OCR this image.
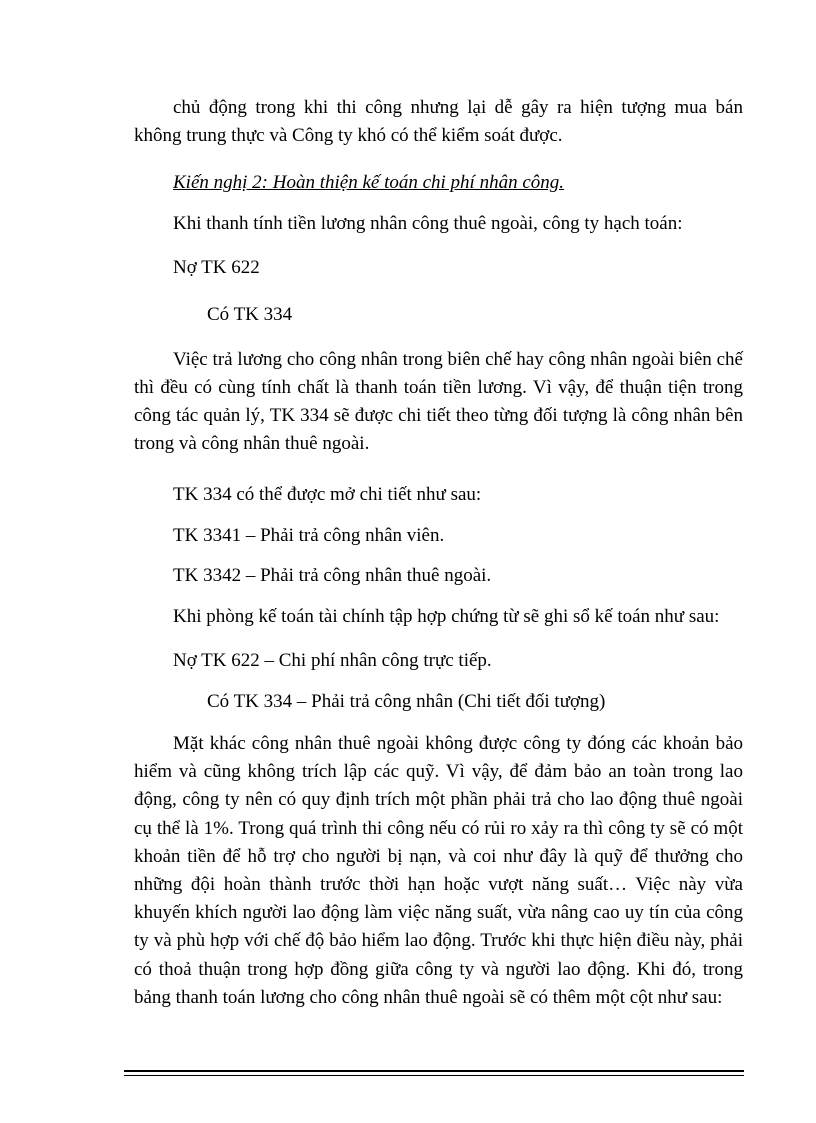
chủ động trong khi thi công nhưng lại dễ gây ra hiện tượng mua bán không trung thực và Công ty khó có thể kiểm soát được.
Kiến nghị 2: Hoàn thiện kế toán chi phí nhân công.
Khi thanh tính tiền lương nhân công thuê ngoài, công ty hạch toán:
Nợ TK 622
Có TK 334
Việc trả lương cho công nhân trong biên chế hay công nhân ngoài biên chế thì đều có cùng tính chất là thanh toán tiền lương. Vì vậy, để thuận tiện trong công tác quản lý, TK 334 sẽ được chi tiết theo từng đối tượng là công nhân bên trong và công nhân thuê ngoài.
TK 334 có thể được mở chi tiết như sau:
TK 3341 – Phải trả công nhân viên.
TK 3342 – Phải trả công nhân thuê ngoài.
Khi phòng kế toán tài chính tập hợp chứng từ sẽ ghi sổ kế toán như sau:
Nợ TK 622 – Chi phí nhân công trực tiếp.
Có TK 334 – Phải trả công nhân (Chi tiết đối tượng)
Mặt khác công nhân thuê ngoài không được công ty đóng các khoản bảo hiểm và cũng không trích lập các quỹ. Vì vậy, để đảm bảo an toàn trong lao động, công ty nên có quy định trích một phần phải trả cho lao động thuê ngoài cụ thể là 1%. Trong quá trình thi công nếu có rủi ro xảy ra thì công ty sẽ có một khoản tiền để hỗ trợ cho người bị nạn, và coi như đây là quỹ để thưởng cho những đội hoàn thành trước thời hạn hoặc vượt năng suất… Việc này vừa khuyến khích người lao động làm việc năng suất, vừa nâng cao uy tín của công ty và phù hợp với chế độ bảo hiểm lao động. Trước khi thực hiện điều này, phải có thoả thuận trong hợp đồng giữa công ty và người lao động. Khi đó, trong bảng thanh toán lương cho công nhân thuê ngoài sẽ có thêm một cột như sau:
